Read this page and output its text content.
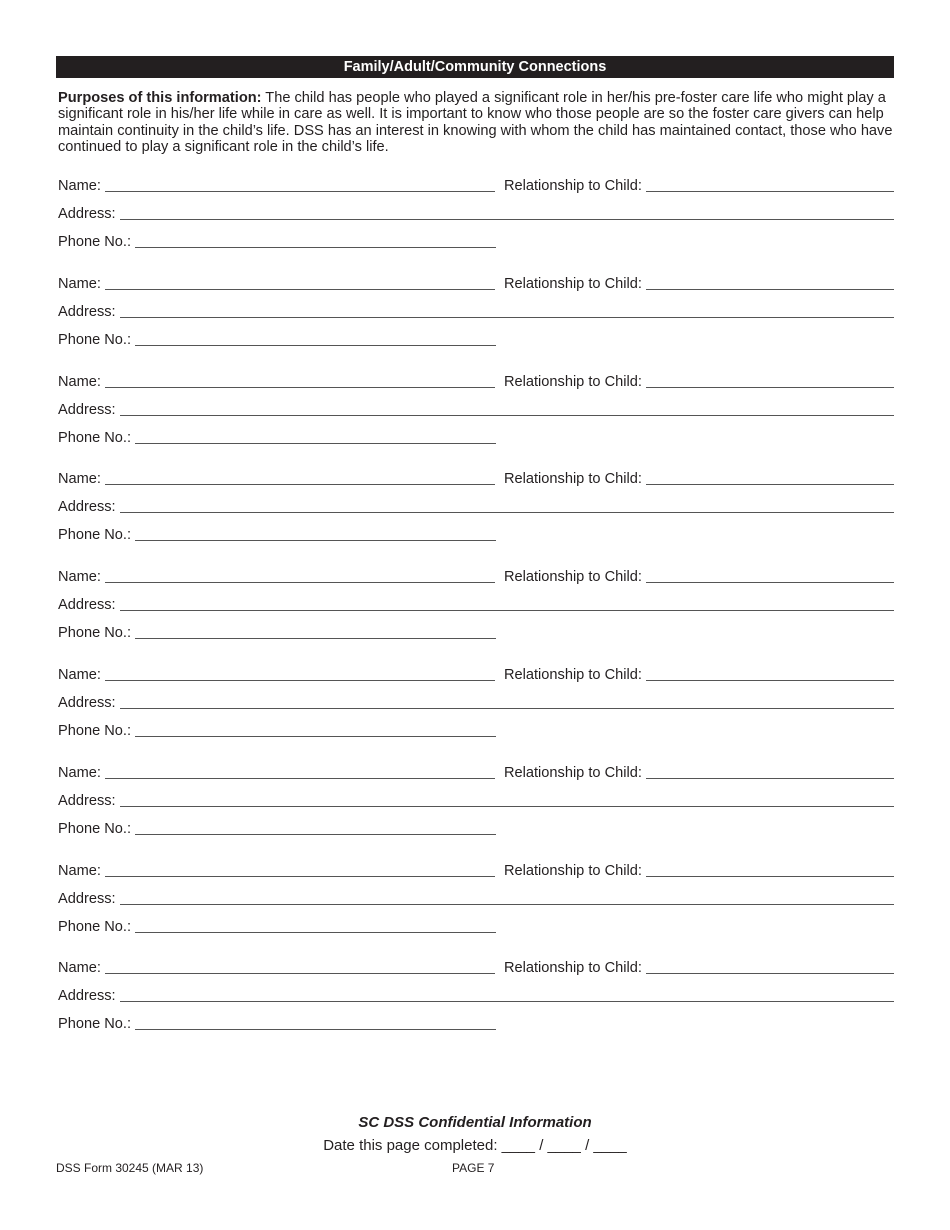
Family/Adult/Community Connections
Purposes of this information: The child has people who played a significant role in her/his pre-foster care life who might play a significant role in his/her life while in care as well. It is important to know who those people are so the foster care givers can help maintain continuity in the child’s life. DSS has an interest in knowing with whom the child has maintained contact, those who have continued to play a significant role in the child’s life.
Name:	Relationship to Child:
Address:
Phone No.:
Name:	Relationship to Child:
Address:
Phone No.:
Name:	Relationship to Child:
Address:
Phone No.:
Name:	Relationship to Child:
Address:
Phone No.:
Name:	Relationship to Child:
Address:
Phone No.:
Name:	Relationship to Child:
Address:
Phone No.:
Name:	Relationship to Child:
Address:
Phone No.:
Name:	Relationship to Child:
Address:
Phone No.:
Name:	Relationship to Child:
Address:
Phone No.:
SC DSS Confidential Information
Date this page completed: ____ / ____ / ____
DSS Form 30245 (MAR 13)	PAGE 7
